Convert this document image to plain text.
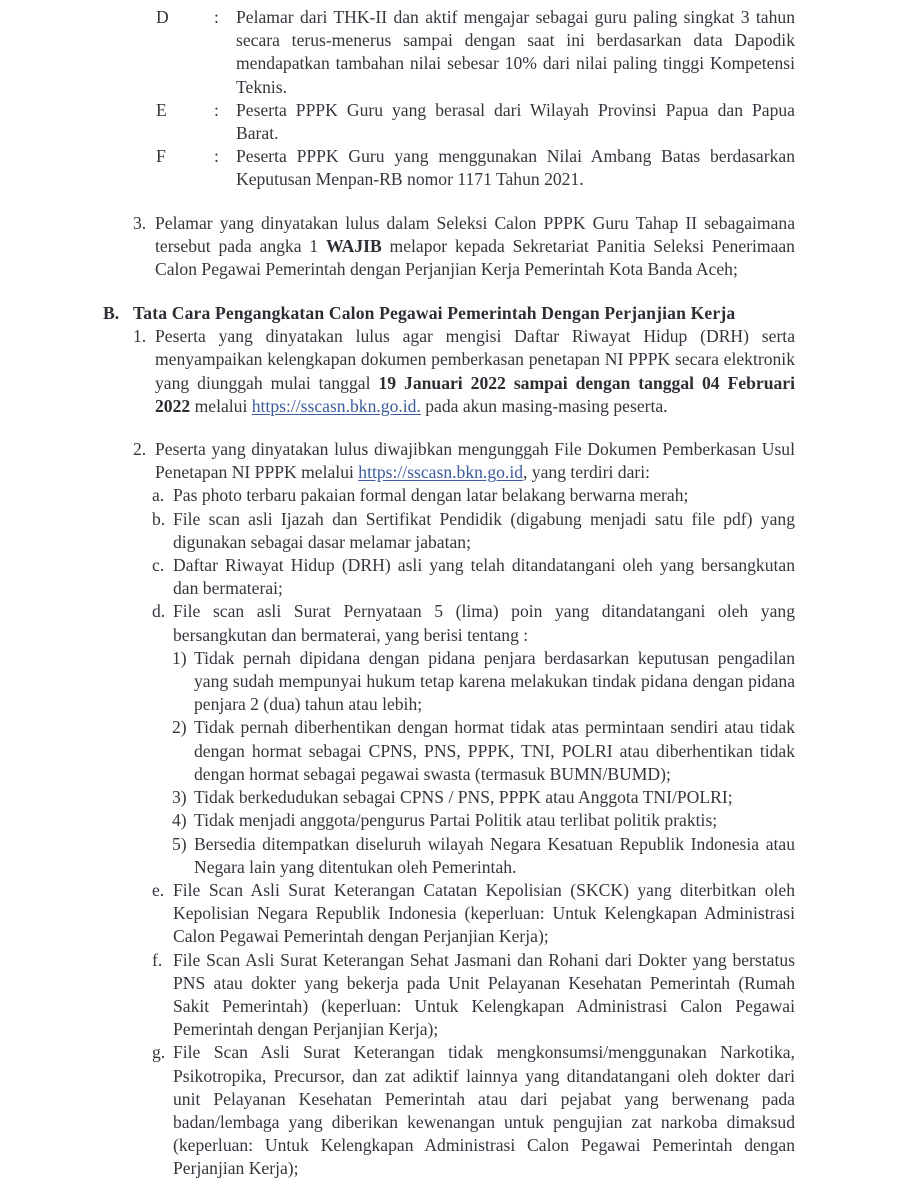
D	: Pelamar dari THK-II dan aktif mengajar sebagai guru paling singkat 3 tahun secara terus-menerus sampai dengan saat ini berdasarkan data Dapodik mendapatkan tambahan nilai sebesar 10% dari nilai paling tinggi Kompetensi Teknis.
E	: Peserta PPPK Guru yang berasal dari Wilayah Provinsi Papua dan Papua Barat.
F	: Peserta PPPK Guru yang menggunakan Nilai Ambang Batas berdasarkan Keputusan Menpan-RB nomor 1171 Tahun 2021.
3. Pelamar yang dinyatakan lulus dalam Seleksi Calon PPPK Guru Tahap II sebagaimana tersebut pada angka 1 WAJIB melapor kepada Sekretariat Panitia Seleksi Penerimaan Calon Pegawai Pemerintah dengan Perjanjian Kerja Pemerintah Kota Banda Aceh;
B. Tata Cara Pengangkatan Calon Pegawai Pemerintah Dengan Perjanjian Kerja
1. Peserta yang dinyatakan lulus agar mengisi Daftar Riwayat Hidup (DRH) serta menyampaikan kelengkapan dokumen pemberkasan penetapan NI PPPK secara elektronik yang diunggah mulai tanggal 19 Januari 2022 sampai dengan tanggal 04 Februari 2022 melalui https://sscasn.bkn.go.id. pada akun masing-masing peserta.
2. Peserta yang dinyatakan lulus diwajibkan mengunggah File Dokumen Pemberkasan Usul Penetapan NI PPPK melalui https://sscasn.bkn.go.id, yang terdiri dari:
a. Pas photo terbaru pakaian formal dengan latar belakang berwarna merah;
b. File scan asli Ijazah dan Sertifikat Pendidik (digabung menjadi satu file pdf) yang digunakan sebagai dasar melamar jabatan;
c. Daftar Riwayat Hidup (DRH) asli yang telah ditandatangani oleh yang bersangkutan dan bermaterai;
d. File scan asli Surat Pernyataan 5 (lima) poin yang ditandatangani oleh yang bersangkutan dan bermaterai, yang berisi tentang :
1) Tidak pernah dipidana dengan pidana penjara berdasarkan keputusan pengadilan yang sudah mempunyai hukum tetap karena melakukan tindak pidana dengan pidana penjara 2 (dua) tahun atau lebih;
2) Tidak pernah diberhentikan dengan hormat tidak atas permintaan sendiri atau tidak dengan hormat sebagai CPNS, PNS, PPPK, TNI, POLRI atau diberhentikan tidak dengan hormat sebagai pegawai swasta (termasuk BUMN/BUMD);
3) Tidak berkedudukan sebagai CPNS / PNS, PPPK atau Anggota TNI/POLRI;
4) Tidak menjadi anggota/pengurus Partai Politik atau terlibat politik praktis;
5) Bersedia ditempatkan diseluruh wilayah Negara Kesatuan Republik Indonesia atau Negara lain yang ditentukan oleh Pemerintah.
e. File Scan Asli Surat Keterangan Catatan Kepolisian (SKCK) yang diterbitkan oleh Kepolisian Negara Republik Indonesia (keperluan: Untuk Kelengkapan Administrasi Calon Pegawai Pemerintah dengan Perjanjian Kerja);
f. File Scan Asli Surat Keterangan Sehat Jasmani dan Rohani dari Dokter yang berstatus PNS atau dokter yang bekerja pada Unit Pelayanan Kesehatan Pemerintah (Rumah Sakit Pemerintah) (keperluan: Untuk Kelengkapan Administrasi Calon Pegawai Pemerintah dengan Perjanjian Kerja);
g. File Scan Asli Surat Keterangan tidak mengkonsumsi/menggunakan Narkotika, Psikotropika, Precursor, dan zat adiktif lainnya yang ditandatangani oleh dokter dari unit Pelayanan Kesehatan Pemerintah atau dari pejabat yang berwenang pada badan/lembaga yang diberikan kewenangan untuk pengujian zat narkoba dimaksud (keperluan: Untuk Kelengkapan Administrasi Calon Pegawai Pemerintah dengan Perjanjian Kerja);
